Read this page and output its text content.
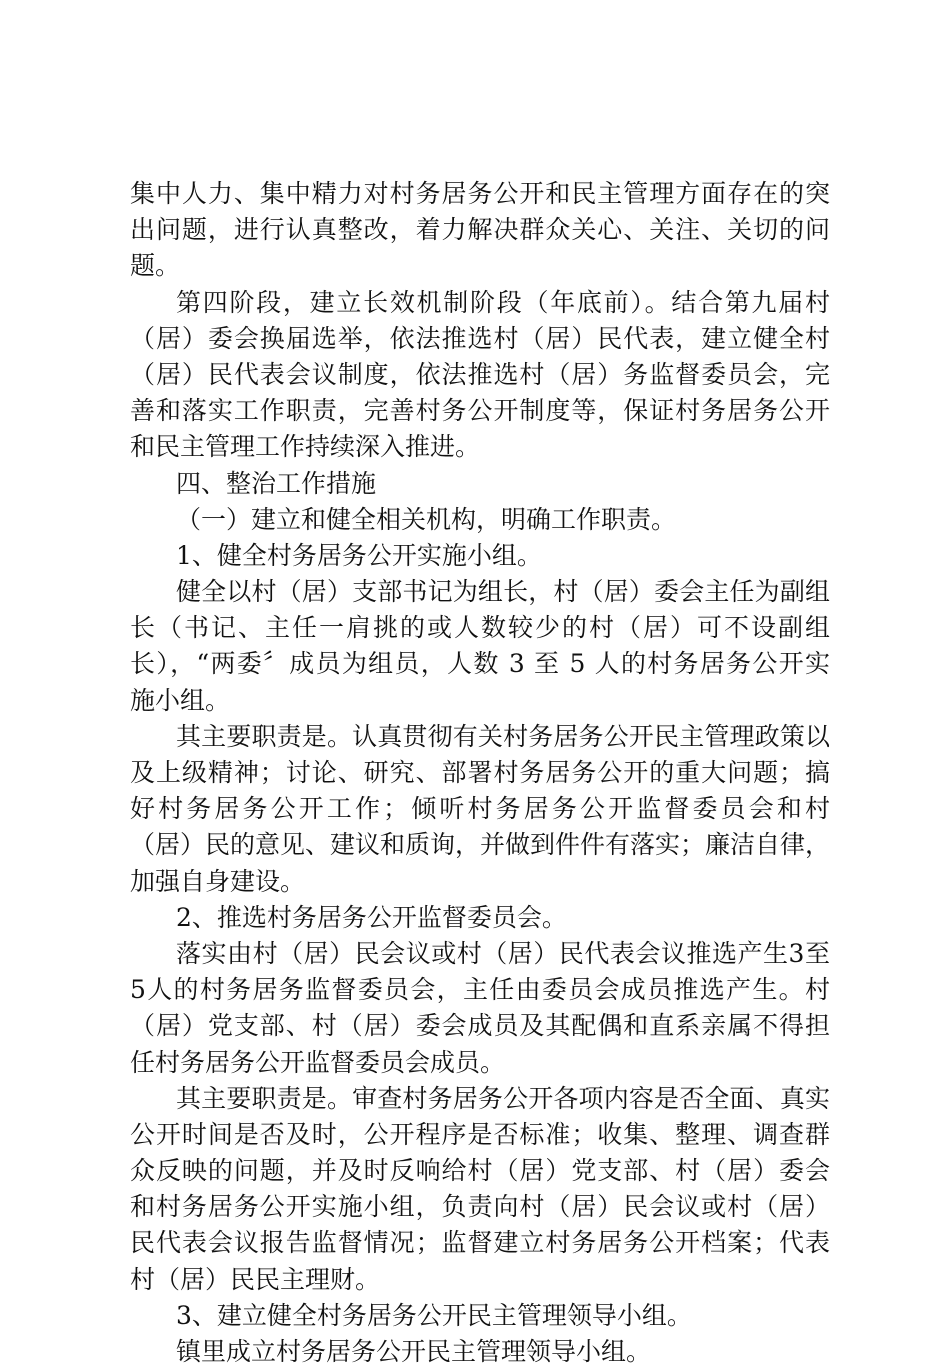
集中人力、集中精力对村务居务公开和民主管理方面存在的突
出问题，进行认真整改，着力解决群众关心、关注、关切的问
题。
第四阶段，建立长效机制阶段（年底前）。结合第九届村
（居）委会换届选举，依法推选村（居）民代表，建立健全村
（居）民代表会议制度，依法推选村（居）务监督委员会，完
善和落实工作职责，完善村务公开制度等，保证村务居务公开
和民主管理工作持续深入推进。
四、整治工作措施
（一）建立和健全相关机构，明确工作职责。
1、健全村务居务公开实施小组。
健全以村（居）支部书记为组长，村（居）委会主任为副组
长（书记、主任一肩挑的或人数较少的村（居）可不设副组
长），“两委〞成员为组员，人数 3 至 5 人的村务居务公开实
施小组。
其主要职责是。认真贯彻有关村务居务公开民主管理政策以
及上级精神；讨论、研究、部署村务居务公开的重大问题；搞
好村务居务公开工作；倾听村务居务公开监督委员会和村
（居）民的意见、建议和质询，并做到件件有落实；廉洁自律，
加强自身建设。
2、推选村务居务公开监督委员会。
落实由村（居）民会议或村（居）民代表会议推选产生3至
5人的村务居务监督委员会，主任由委员会成员推选产生。村
（居）党支部、村（居）委会成员及其配偶和直系亲属不得担
任村务居务公开监督委员会成员。
其主要职责是。审查村务居务公开各项内容是否全面、真实
公开时间是否及时，公开程序是否标准；收集、整理、调查群
众反映的问题，并及时反响给村（居）党支部、村（居）委会
和村务居务公开实施小组，负责向村（居）民会议或村（居）
民代表会议报告监督情况；监督建立村务居务公开档案；代表
村（居）民民主理财。
3、建立健全村务居务公开民主管理领导小组。
镇里成立村务居务公开民主管理领导小组。
